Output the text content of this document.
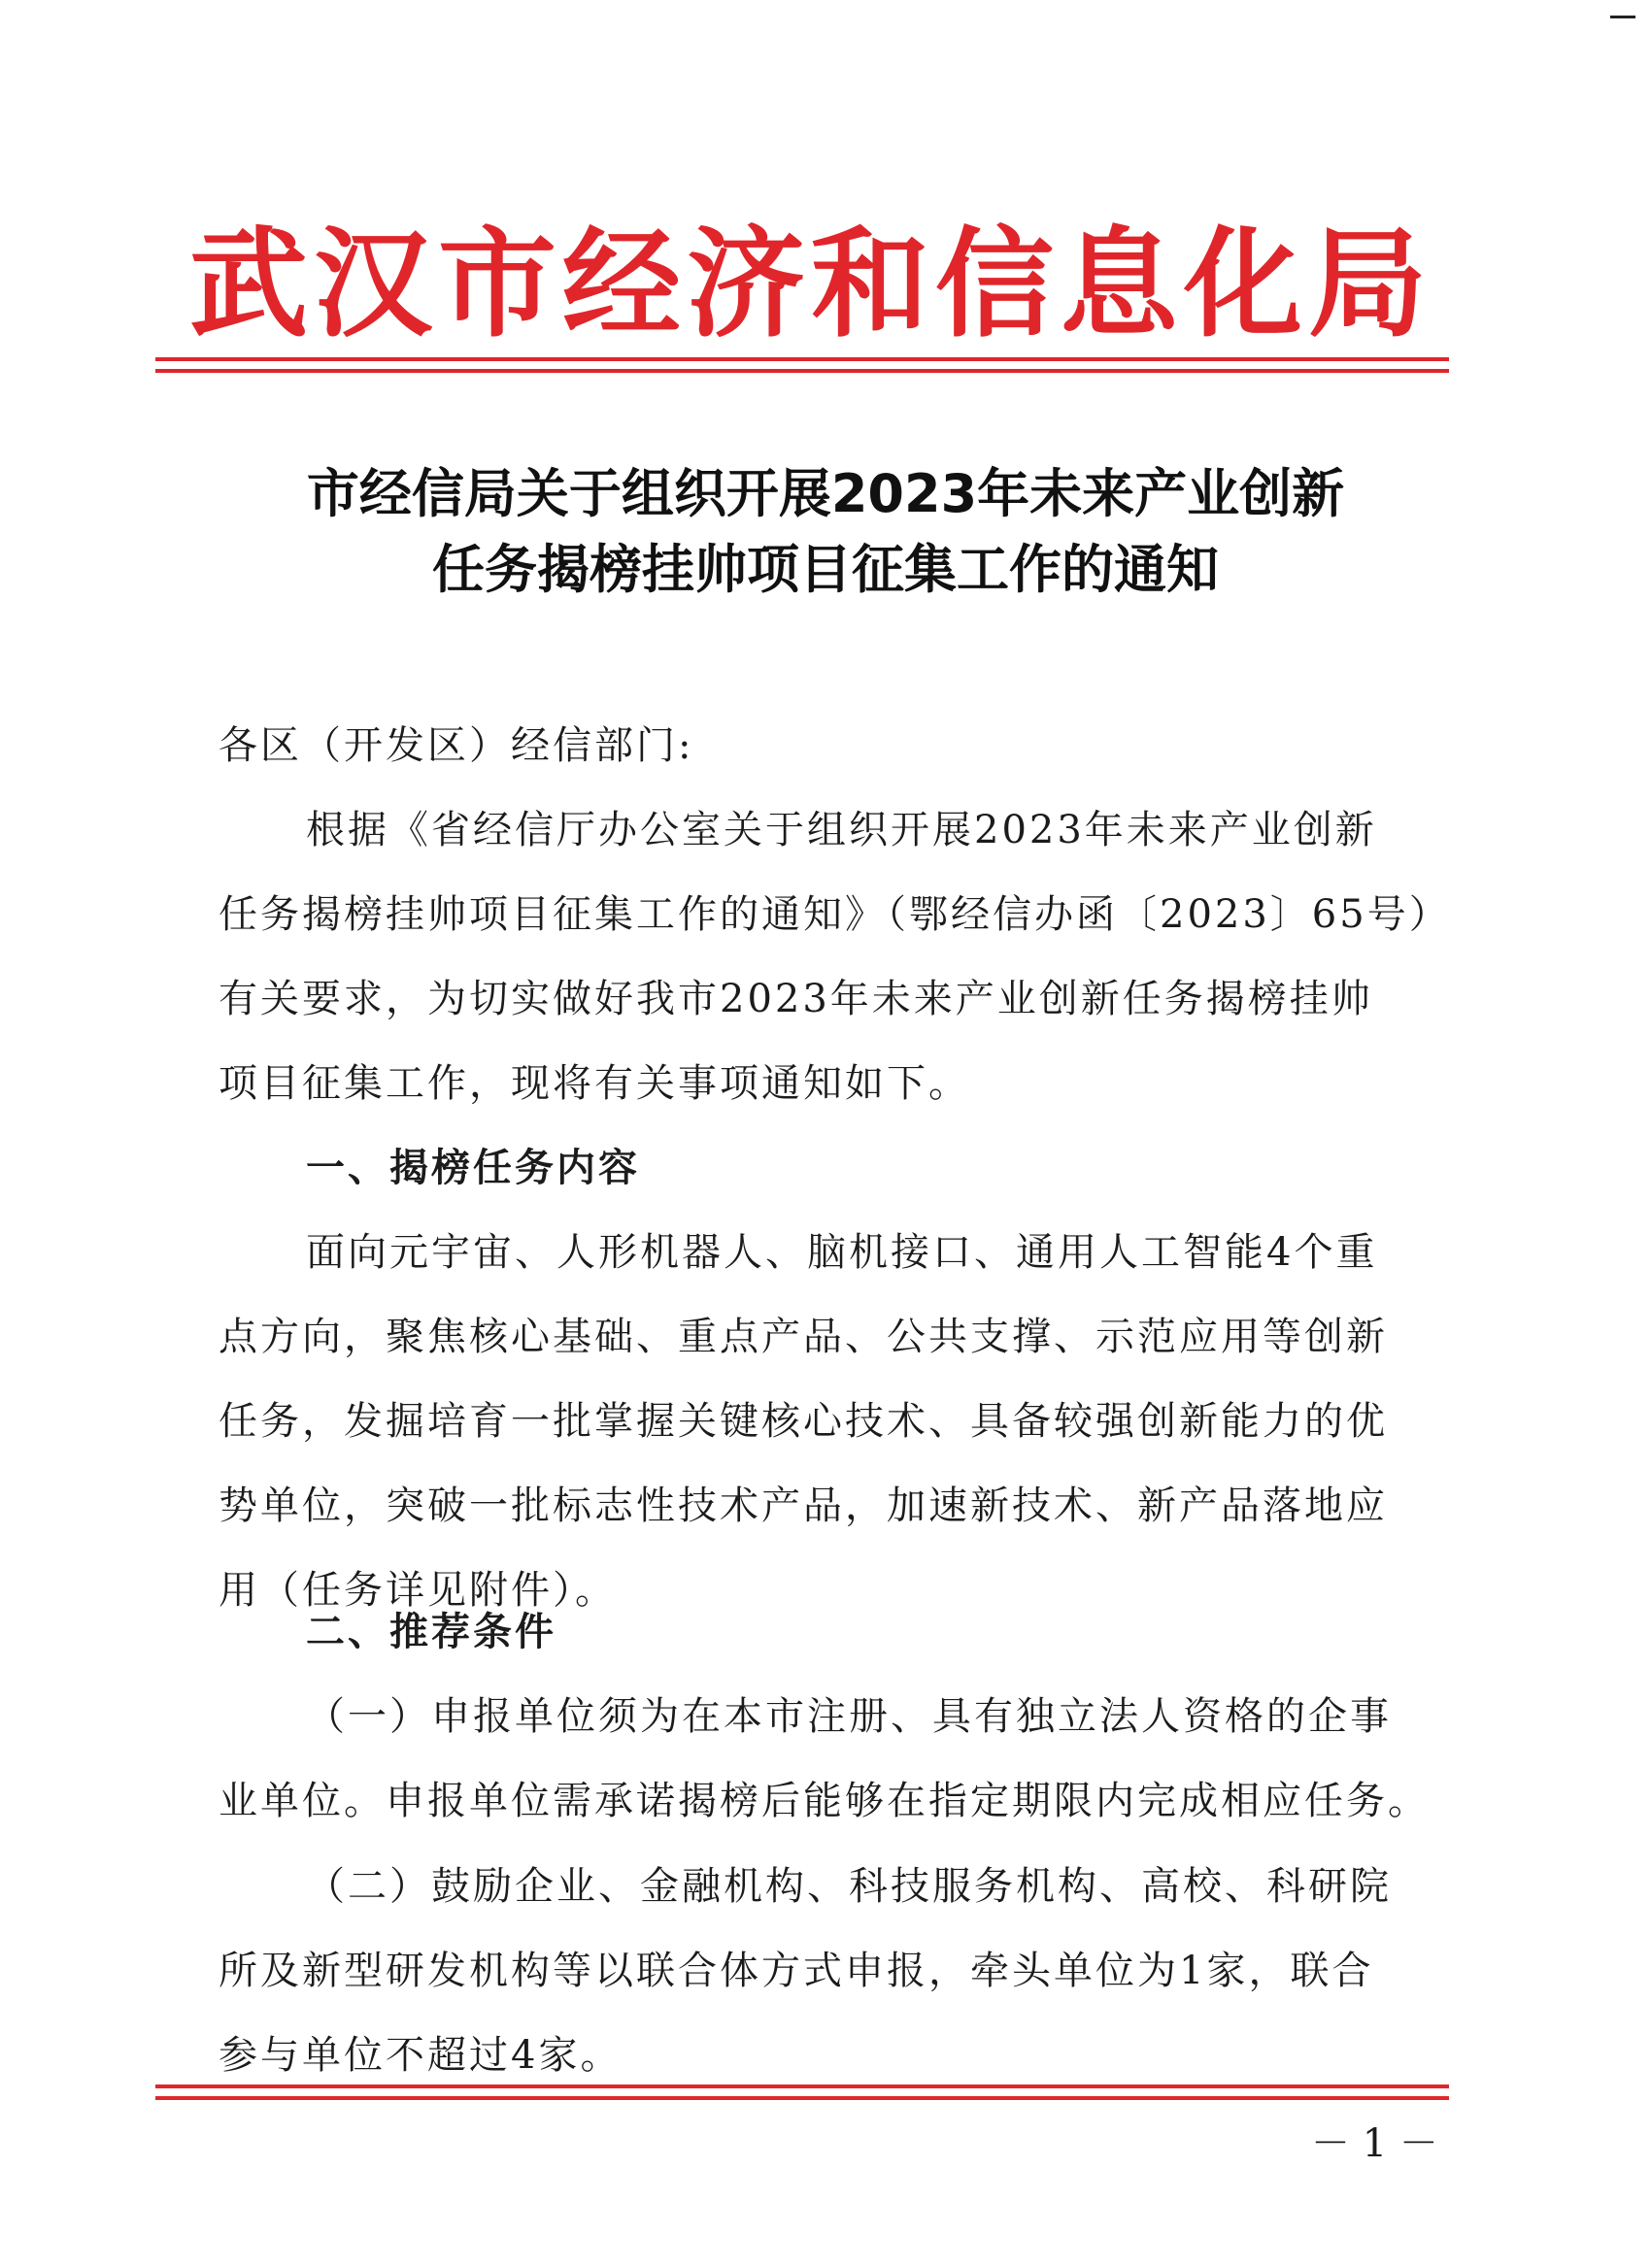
武汉市经济和信息化局
市经信局关于组织开展2023年未来产业创新
任务揭榜挂帅项目征集工作的通知
各区（开发区）经信部门:
根据《省经信厅办公室关于组织开展2023年未来产业创新
任务揭榜挂帅项目征集工作的通知》（鄂经信办函〔2023〕65号）
有关要求，为切实做好我市2023年未来产业创新任务揭榜挂帅
项目征集工作，现将有关事项通知如下。
一、揭榜任务内容
面向元宇宙、人形机器人、脑机接口、通用人工智能4个重
点方向，聚焦核心基础、重点产品、公共支撑、示范应用等创新
任务，发掘培育一批掌握关键核心技术、具备较强创新能力的优
势单位，突破一批标志性技术产品，加速新技术、新产品落地应
用（任务详见附件）。
二、推荐条件
（一）申报单位须为在本市注册、具有独立法人资格的企事
业单位。申报单位需承诺揭榜后能够在指定期限内完成相应任务。
（二）鼓励企业、金融机构、科技服务机构、高校、科研院
所及新型研发机构等以联合体方式申报，牵头单位为1家，联合
参与单位不超过4家。
－ 1 －
